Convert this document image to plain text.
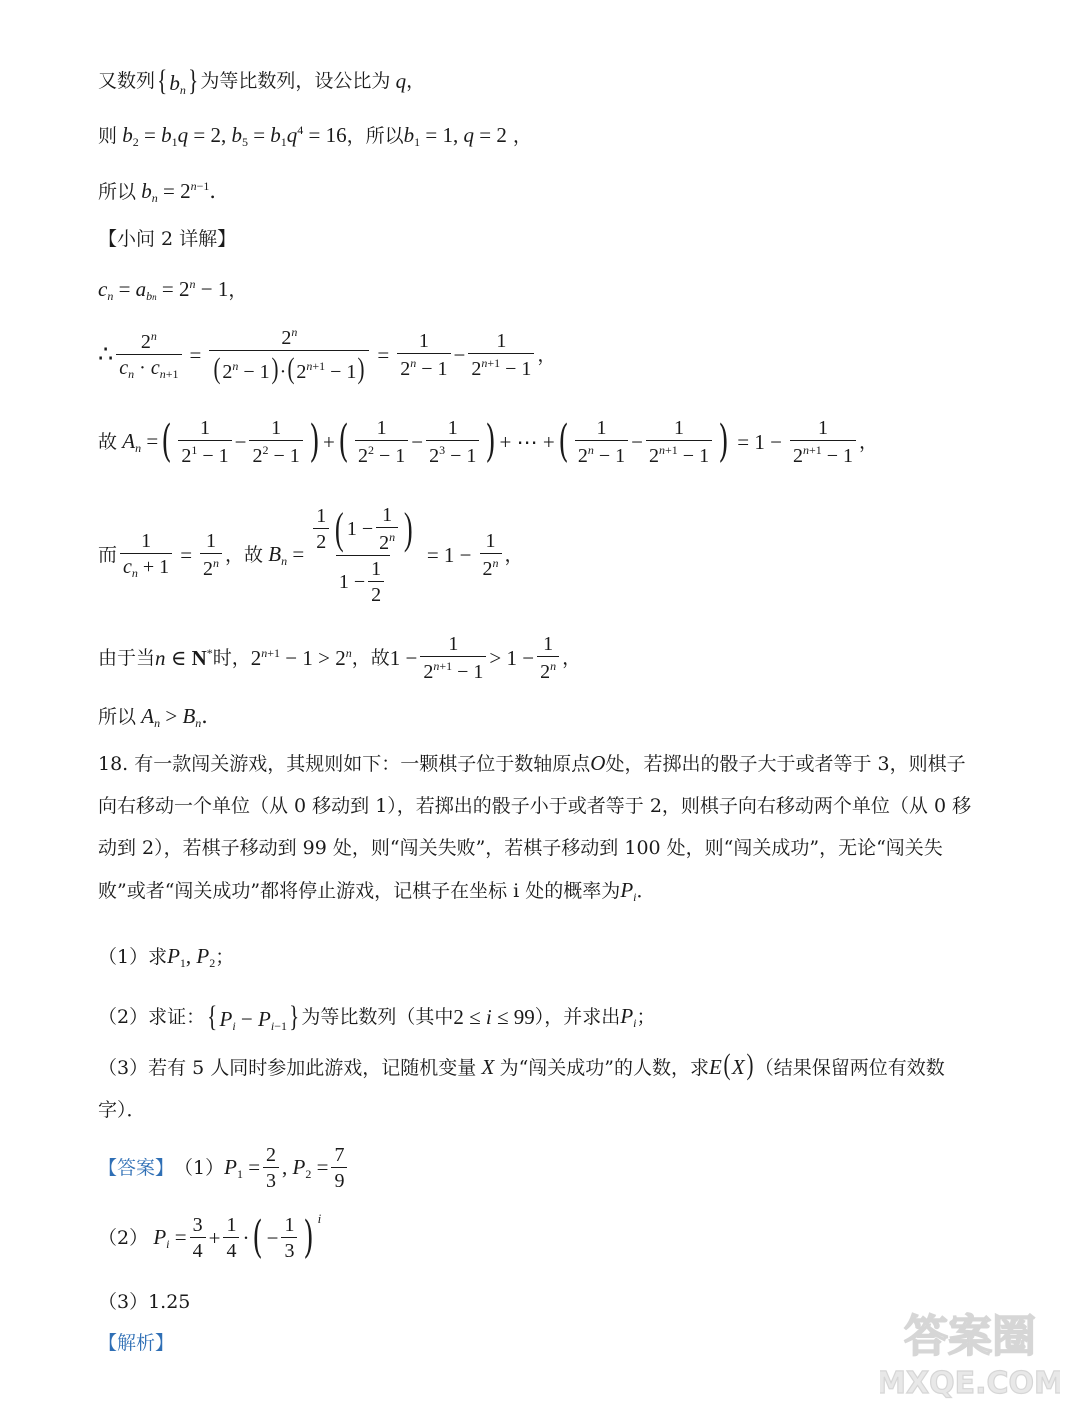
又数列 { $b_n$} 为等比数列，设公比为 q ，
则 $b_2 = b_1q = 2$, $b_5 = b_1q^4 = 16$ ，所以 $b_1 = 1$, q = 2 ，
所以 $b_n = 2^{n-1}$．
【小问 2 详解】
$c_n = a_{bn} = 2^n - 1$ ，
∴ $\frac{2^n}{c_n \cdot c_{n+1}} = \frac{2^n}{(2^n - 1)\cdot(2^{n+1} - 1)} = \frac{1}{2^n - 1} - \frac{1}{2^{n+1} - 1}$ ，
故 $A_n$ = ( $\frac{1}{2^1 - 1} - \frac{1}{2^2 - 1}$ ) + ( $\frac{1}{2^2 - 1} - \frac{1}{2^3 - 1}$ ) + ⋯ + ( $\frac{1}{2^n - 1} - \frac{1}{2^{n+1} - 1}$ ) = $1 - \frac{1}{2^{n+1} - 1}$ ，
而 $\frac{1}{c_n + 1} = \frac{1}{2^n}$ ，故 $B_n = \frac{\frac{1}{2} ( 1 - \frac{1}{2^n} )}{1 - \frac{1}{2}} = 1 - \frac{1}{2^n}$ ，
由于当 n ∈ N* 时， $2^{n+1} - 1 > 2^n$ ，故 $1 - \frac{1}{2^{n+1} - 1} > 1 - \frac{1}{2^n}$ ，
所以 $A_n > B_n$．
18. 有一款闯关游戏，其规则如下：一颗棋子位于数轴原点O处，若掷出的骰子大于或者等于 3，则棋子向右移动一个单位（从 0 移动到 1），若掷出的骰子小于或者等于 2，则棋子向右移动两个单位（从 0 移动到 2），若棋子移动到 99 处，则“闯关失败”，若棋子移动到 100 处，则“闯关成功”，无论“闯关失败”或者“闯关成功”都将停止游戏，记棋子在坐标 i 处的概率为$P_i$．
（1）求 $P_1$, $P_2$ ；
（2）求证： { $P_i - P_{i-1}$} 为等比数列（其中 2 ≤ i ≤ 99 ），并求出 $P_i$ ；
（3）若有 5 人同时参加此游戏，记随机变量 X 为“闯关成功”的人数，求E(X)（结果保留两位有效数字）．
【答案】 （1） $P_1 = \frac{2}{3}$ , $P_2 = \frac{7}{9}$
（2） $P_i = \frac{3}{4} + \frac{1}{4}$ · ( − $\frac{1}{3}$ ) i
（3）1.25
【解析】	答案圈
MXQE.COM
